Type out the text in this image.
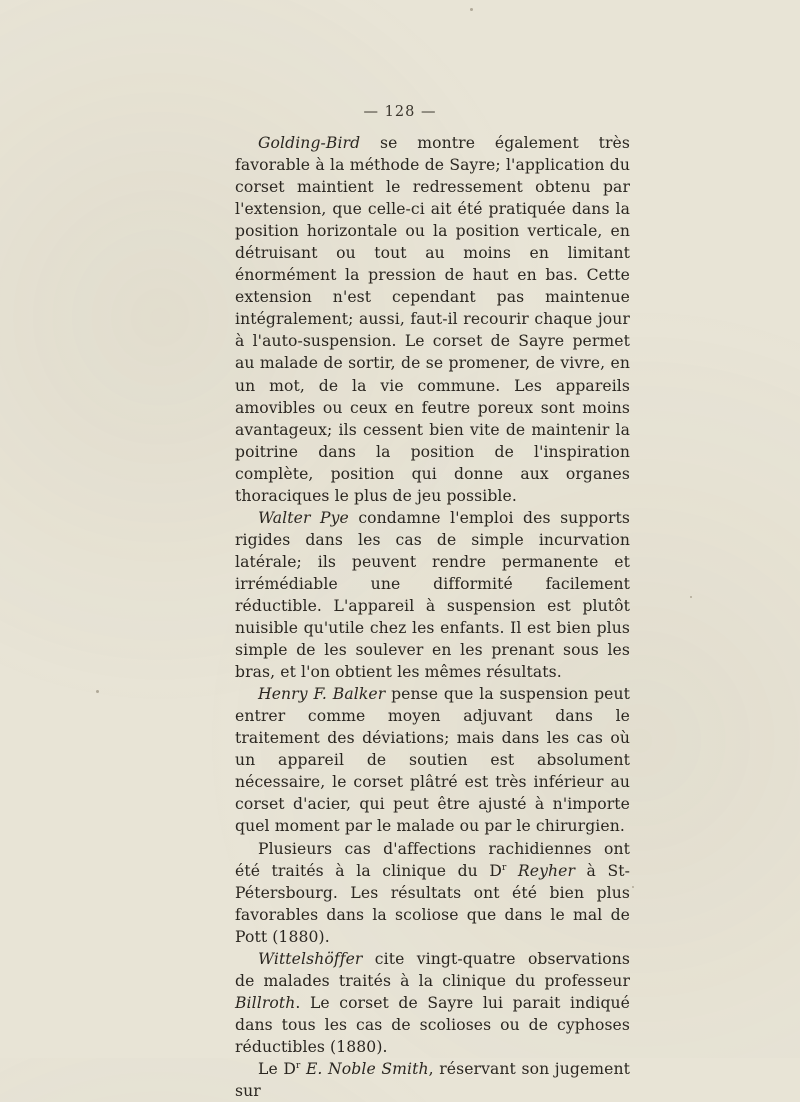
— 128 —

Golding-Bird se montre également très favorable à la méthode de Sayre; l'application du corset maintient le redressement obtenu par l'extension, que celle-ci ait été pratiquée dans la position horizontale ou la position verticale, en détruisant ou tout au moins en limitant énormément la pression de haut en bas. Cette extension n'est cependant pas maintenue intégralement; aussi, faut-il recourir chaque jour à l'auto-suspension. Le corset de Sayre permet au malade de sortir, de se promener, de vivre, en un mot, de la vie commune. Les appareils amovibles ou ceux en feutre poreux sont moins avantageux; ils cessent bien vite de maintenir la poitrine dans la position de l'inspiration complète, position qui donne aux organes thoraciques le plus de jeu possible.

Walter Pye condamne l'emploi des supports rigides dans les cas de simple incurvation latérale; ils peuvent rendre permanente et irrémédiable une difformité facilement réductible. L'appareil à suspension est plutôt nuisible qu'utile chez les enfants. Il est bien plus simple de les soulever en les prenant sous les bras, et l'on obtient les mêmes résultats.

Henry F. Balker pense que la suspension peut entrer comme moyen adjuvant dans le traitement des déviations; mais dans les cas où un appareil de soutien est absolument nécessaire, le corset plâtré est très inférieur au corset d'acier, qui peut être ajusté à n'importe quel moment par le malade ou par le chirurgien.

Plusieurs cas d'affections rachidiennes ont été traités à la clinique du $D^r$ Reyher à St-Pétersbourg. Les résultats ont été bien plus favorables dans la scoliose que dans le mal de Pott (1880).

Wittelshöffer cite vingt-quatre observations de malades traités à la clinique du professeur Billroth. Le corset de Sayre lui parait indiqué dans tous les cas de scolioses ou de cyphoses réductibles (1880).

Le $D^r$ E. Noble Smith, réservant son jugement sur
